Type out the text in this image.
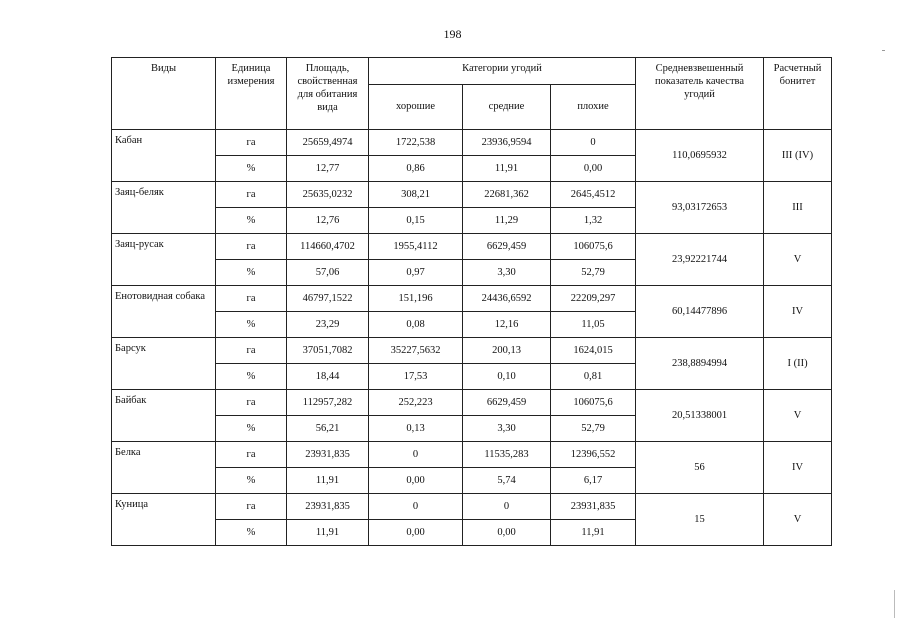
198
Виды	Единица измерения	Площадь, свойственная для обитания вида	Категории угодий			Средневзвешенный показатель качества угодий	Расчетный бонитет
			хорошие	средние	плохие		
Кабан	га	25659,4974	1722,538	23936,9594	0	110,0695932	III (IV)
	%	12,77	0,86	11,91	0,00		
Заяц-беляк	га	25635,0232	308,21	22681,362	2645,4512	93,03172653	III
	%	12,76	0,15	11,29	1,32		
Заяц-русак	га	114660,4702	1955,4112	6629,459	106075,6	23,92221744	V
	%	57,06	0,97	3,30	52,79		
Енотовидная собака	га	46797,1522	151,196	24436,6592	22209,297	60,14477896	IV
	%	23,29	0,08	12,16	11,05		
Барсук	га	37051,7082	35227,5632	200,13	1624,015	238,8894994	I (II)
	%	18,44	17,53	0,10	0,81		
Байбак	га	112957,282	252,223	6629,459	106075,6	20,51338001	V
	%	56,21	0,13	3,30	52,79		
Белка	га	23931,835	0	11535,283	12396,552	56	IV
	%	11,91	0,00	5,74	6,17		
Куница	га	23931,835	0	0	23931,835	15	V
	%	11,91	0,00	0,00	11,91		
